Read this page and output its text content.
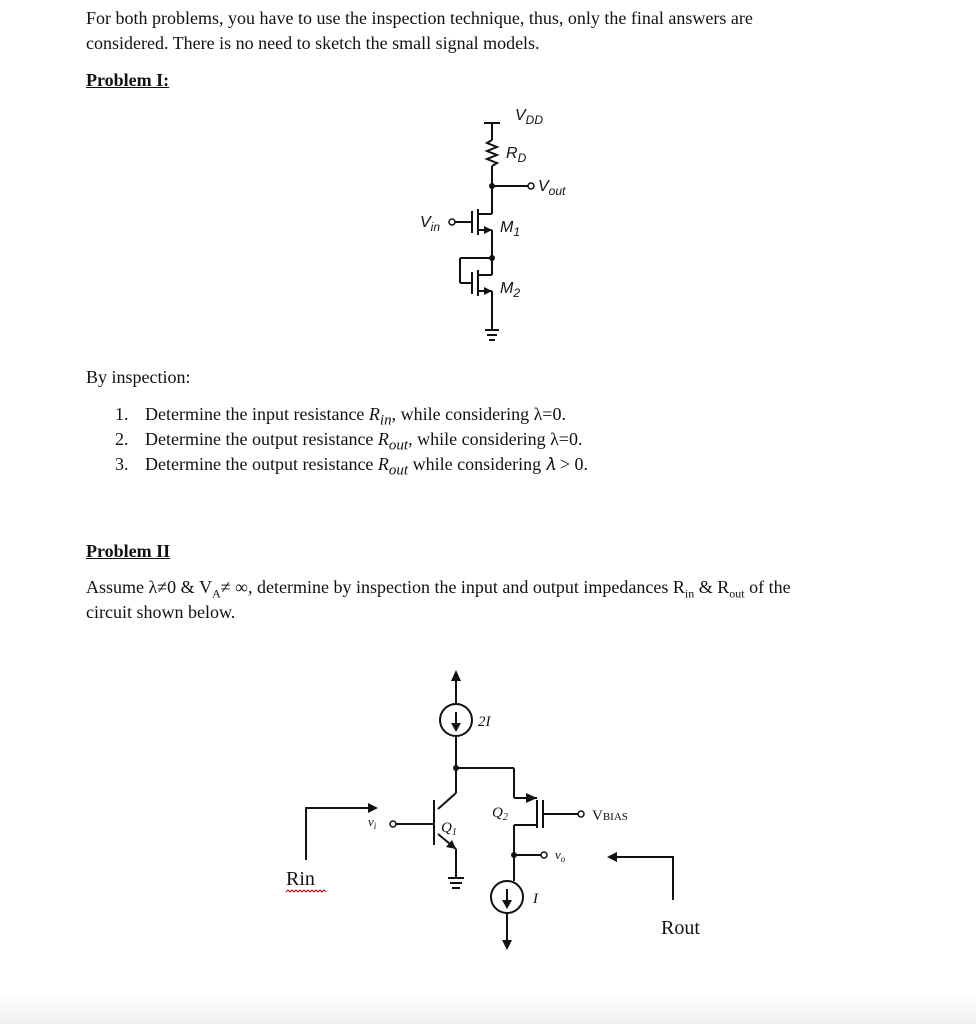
For both problems, you have to use the inspection technique, thus, only the final answers are
considered. There is no need to sketch the small signal models.
Problem I:
$V_{DD}$
$R_D$
$V_{out}$
$V_{in}$	$M_1$
$M_2$
By inspection:
1. Determine the input resistance $R_{in}$, while considering λ=0.
2. Determine the output resistance $R_{out}$, while considering λ=0.
3. Determine the output resistance $R_{out}$ while considering 𝜆 > 0.
Problem II
Assume λ≠0 & $V_A\ne$ ∞, determine by inspection the input and output impedances $R_{in}$ & $R_{out}$ of the
circuit shown below.
2I
I
$Q_1$
$Q_2$
$v_i$
$v_o$
VBIAS
Rin
Rout
